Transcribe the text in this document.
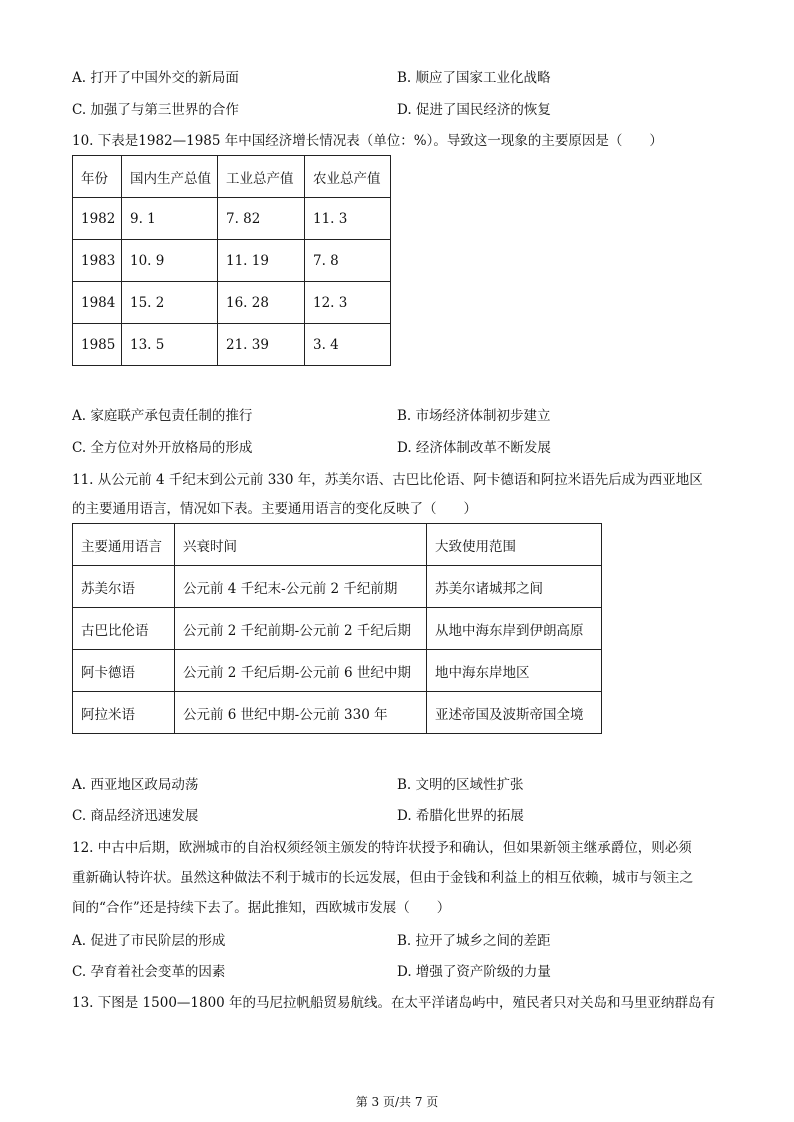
A. 打开了中国外交的新局面	B. 顺应了国家工业化战略
C. 加强了与第三世界的合作	D. 促进了国民经济的恢复
10. 下表是1982—1985 年中国经济增长情况表（单位：%）。导致这一现象的主要原因是（　　）
年份	国内生产总值	工业总产值	农业总产值
1982	9. 1	7. 82	11. 3
1983	10. 9	11. 19	7. 8
1984	15. 2	16. 28	12. 3
1985	13. 5	21. 39	3. 4
A. 家庭联产承包责任制的推行	B. 市场经济体制初步建立
C. 全方位对外开放格局的形成	D. 经济体制改革不断发展
11. 从公元前 4 千纪末到公元前 330 年，苏美尔语、古巴比伦语、阿卡德语和阿拉米语先后成为西亚地区
的主要通用语言，情况如下表。主要通用语言的变化反映了（　　）
主要通用语言	兴衰时间	大致使用范围
苏美尔语	公元前 4 千纪末-公元前 2 千纪前期	苏美尔诸城邦之间
古巴比伦语	公元前 2 千纪前期-公元前 2 千纪后期	从地中海东岸到伊朗高原
阿卡德语	公元前 2 千纪后期-公元前 6 世纪中期	地中海东岸地区
阿拉米语	公元前 6 世纪中期-公元前 330 年	亚述帝国及波斯帝国全境
A. 西亚地区政局动荡	B. 文明的区域性扩张
C. 商品经济迅速发展	D. 希腊化世界的拓展
12. 中古中后期，欧洲城市的自治权须经领主颁发的特许状授予和确认，但如果新领主继承爵位，则必须
重新确认特许状。虽然这种做法不利于城市的长远发展，但由于金钱和利益上的相互依赖，城市与领主之
间的“合作”还是持续下去了。据此推知，西欧城市发展（　　）
A. 促进了市民阶层的形成	B. 拉开了城乡之间的差距
C. 孕育着社会变革的因素	D. 增强了资产阶级的力量
13. 下图是 1500—1800 年的马尼拉帆船贸易航线。在太平洋诸岛屿中，殖民者只对关岛和马里亚纳群岛有
第 3 页/共 7 页
